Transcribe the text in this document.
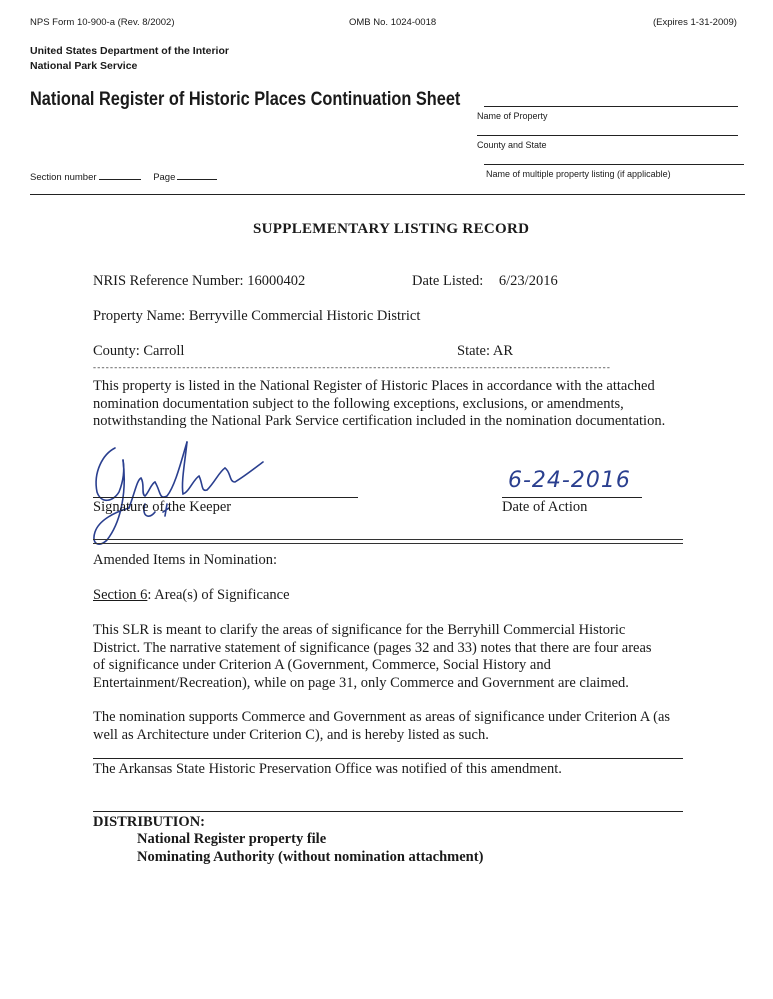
NPS Form 10-900-a (Rev. 8/2002)	OMB No. 1024-0018	(Expires 1-31-2009)
United States Department of the Interior
National Park Service
National Register of Historic Places Continuation Sheet
Name of Property
County and State
Name of multiple property listing (if applicable)
Section number	Page
SUPPLEMENTARY LISTING RECORD
NRIS Reference Number: 16000402	Date Listed: 6/23/2016
Property Name: Berryville Commercial Historic District
County: Carroll	State: AR
- - - - - - - - - - - - - - - - - - - - - - - - - - - - - - - - - - - - - - - - - - - - - - - - - - - - - - - - - - - - - - - - - - - - - - - - - - - - - - - - - - - - - - - - - - - - - - - - - - - - - - - - - - - - - - - - - - - - - - - - - -
This property is listed in the National Register of Historic Places in accordance with the attached nomination documentation subject to the following exceptions, exclusions, or amendments, notwithstanding the National Park Service certification included in the nomination documentation.
Signature of the Keeper
6-24-2016
Date of Action
Amended Items in Nomination:
Section 6: Area(s) of Significance
This SLR is meant to clarify the areas of significance for the Berryhill Commercial Historic District. The narrative statement of significance (pages 32 and 33) notes that there are four areas of significance under Criterion A (Government, Commerce, Social History and Entertainment/Recreation), while on page 31, only Commerce and Government are claimed.
The nomination supports Commerce and Government as areas of significance under Criterion A (as well as Architecture under Criterion C), and is hereby listed as such.
The Arkansas State Historic Preservation Office was notified of this amendment.
DISTRIBUTION:
National Register property file
Nominating Authority (without nomination attachment)
